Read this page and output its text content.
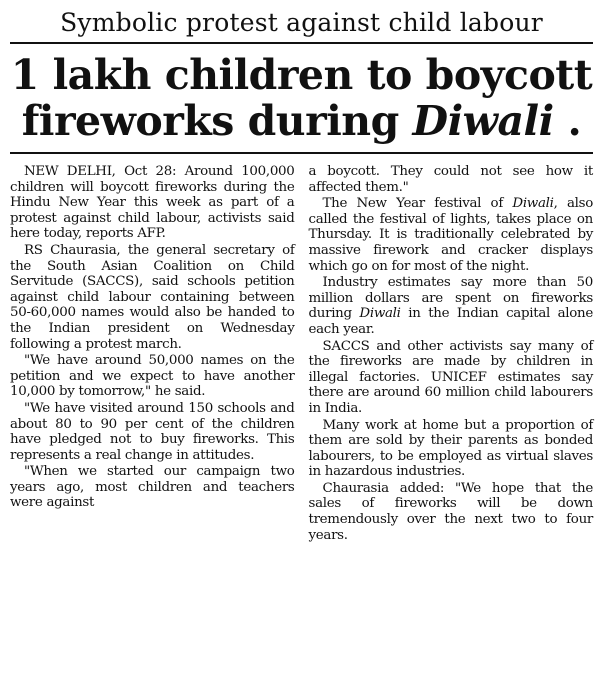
Symbolic protest against child labour
1 lakh children to boycott
fireworks during Diwali .

NEW DELHI, Oct 28: Around 100,000 children will boycott fireworks during the Hindu New Year this week as part of a protest against child labour, activists said here today, reports AFP.

RS Chaurasia, the general secretary of the South Asian Coalition on Child Servitude (SACCS), said schools petition against child labour containing between 50-60,000 names would also be handed to the Indian president on Wednesday following a protest march.

"We have around 50,000 names on the petition and we expect to have another 10,000 by tomorrow," he said.

"We have visited around 150 schools and about 80 to 90 per cent of the children have pledged not to buy fireworks. This represents a real change in attitudes.

"When we started our campaign two years ago, most children and teachers were against

a boycott. They could not see how it affected them."

The New Year festival of Diwali, also called the festival of lights, takes place on Thursday. It is traditionally celebrated by massive firework and cracker displays which go on for most of the night.

Industry estimates say more than 50 million dollars are spent on fireworks during Diwali in the Indian capital alone each year.

SACCS and other activists say many of the fireworks are made by children in illegal factories. UNICEF estimates say there are around 60 million child labourers in India.

Many work at home but a proportion of them are sold by their parents as bonded labourers, to be employed as virtual slaves in hazardous industries.

Chaurasia added: "We hope that the sales of fireworks will be down tremendously over the next two to four years.
